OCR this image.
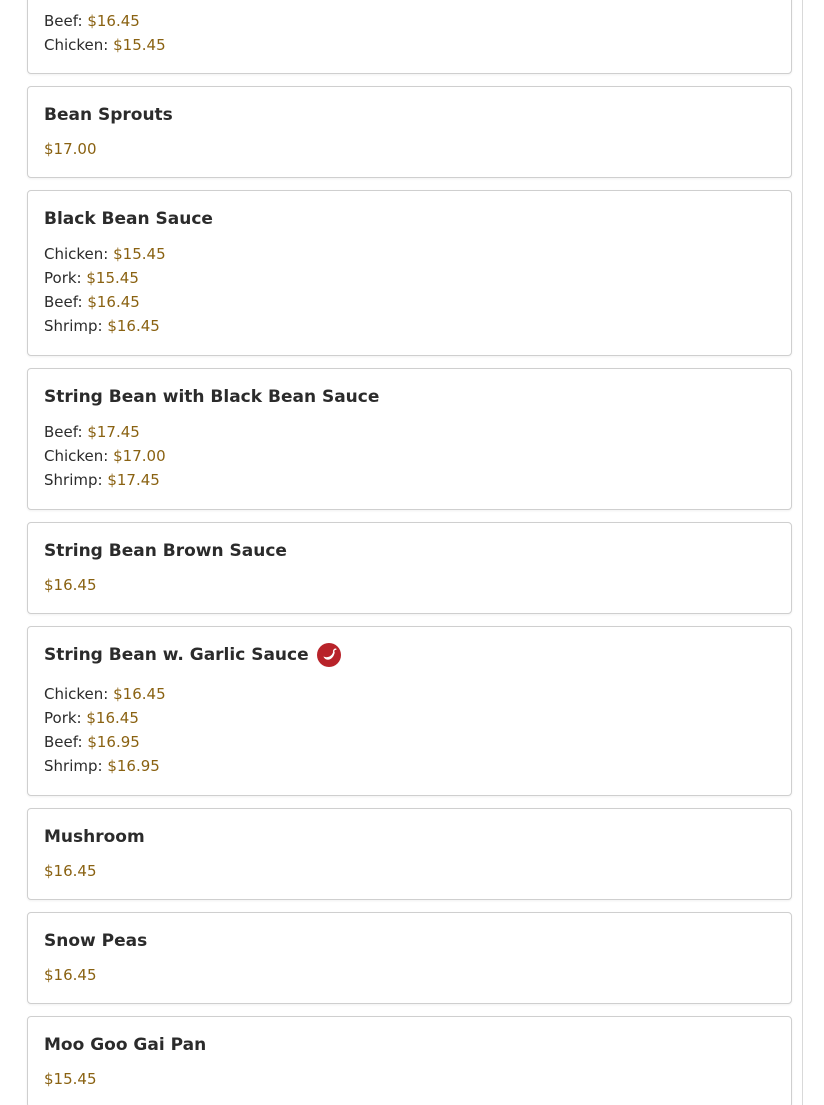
Beef: $16.45
Chicken: $15.45
Bean Sprouts
$17.00
Black Bean Sauce
Chicken: $15.45
Pork: $15.45
Beef: $16.45
Shrimp: $16.45
String Bean with Black Bean Sauce
Beef: $17.45
Chicken: $17.00
Shrimp: $17.45
String Bean Brown Sauce
$16.45
String Bean w. Garlic Sauce
Chicken: $16.45
Pork: $16.45
Beef: $16.95
Shrimp: $16.95
Mushroom
$16.45
Snow Peas
$16.45
Moo Goo Gai Pan
$15.45
